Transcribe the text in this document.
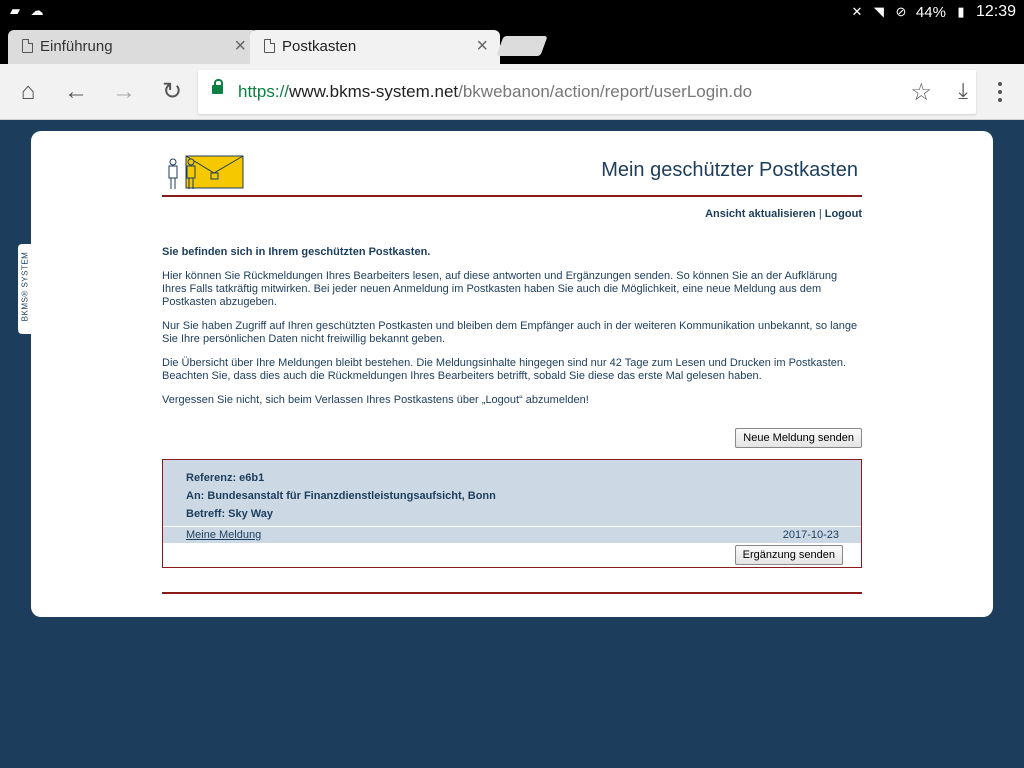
▰ ☁	✕ ◥ ⊘ 44% ▮ 12:39
Einführung	× Postkasten	×
⌂ ← → ↻	https://www.bkms-system.net/bkwebanon/action/report/userLogin.do	☆ ⤓
BKMS® SYSTEM
Mein geschützter Postkasten
Ansicht aktualisieren | Logout
Sie befinden sich in Ihrem geschützten Postkasten.
Hier können Sie Rückmeldungen Ihres Bearbeiters lesen, auf diese antworten und Ergänzungen senden. So können Sie an der Aufklärung Ihres Falls tatkräftig mitwirken. Bei jeder neuen Anmeldung im Postkasten haben Sie auch die Möglichkeit, eine neue Meldung aus dem Postkasten abzugeben.
Nur Sie haben Zugriff auf Ihren geschützten Postkasten und bleiben dem Empfänger auch in der weiteren Kommunikation unbekannt, so lange Sie Ihre persönlichen Daten nicht freiwillig bekannt geben.
Die Übersicht über Ihre Meldungen bleibt bestehen. Die Meldungsinhalte hingegen sind nur 42 Tage zum Lesen und Drucken im Postkasten. Beachten Sie, dass dies auch die Rückmeldungen Ihres Bearbeiters betrifft, sobald Sie diese das erste Mal gelesen haben.
Vergessen Sie nicht, sich beim Verlassen Ihres Postkastens über „Logout“ abzumelden!
Neue Meldung senden
Referenz: e6b1
An: Bundesanstalt für Finanzdienstleistungsaufsicht, Bonn
Betreff: Sky Way
Meine Meldung	2017-10-23
Ergänzung senden
